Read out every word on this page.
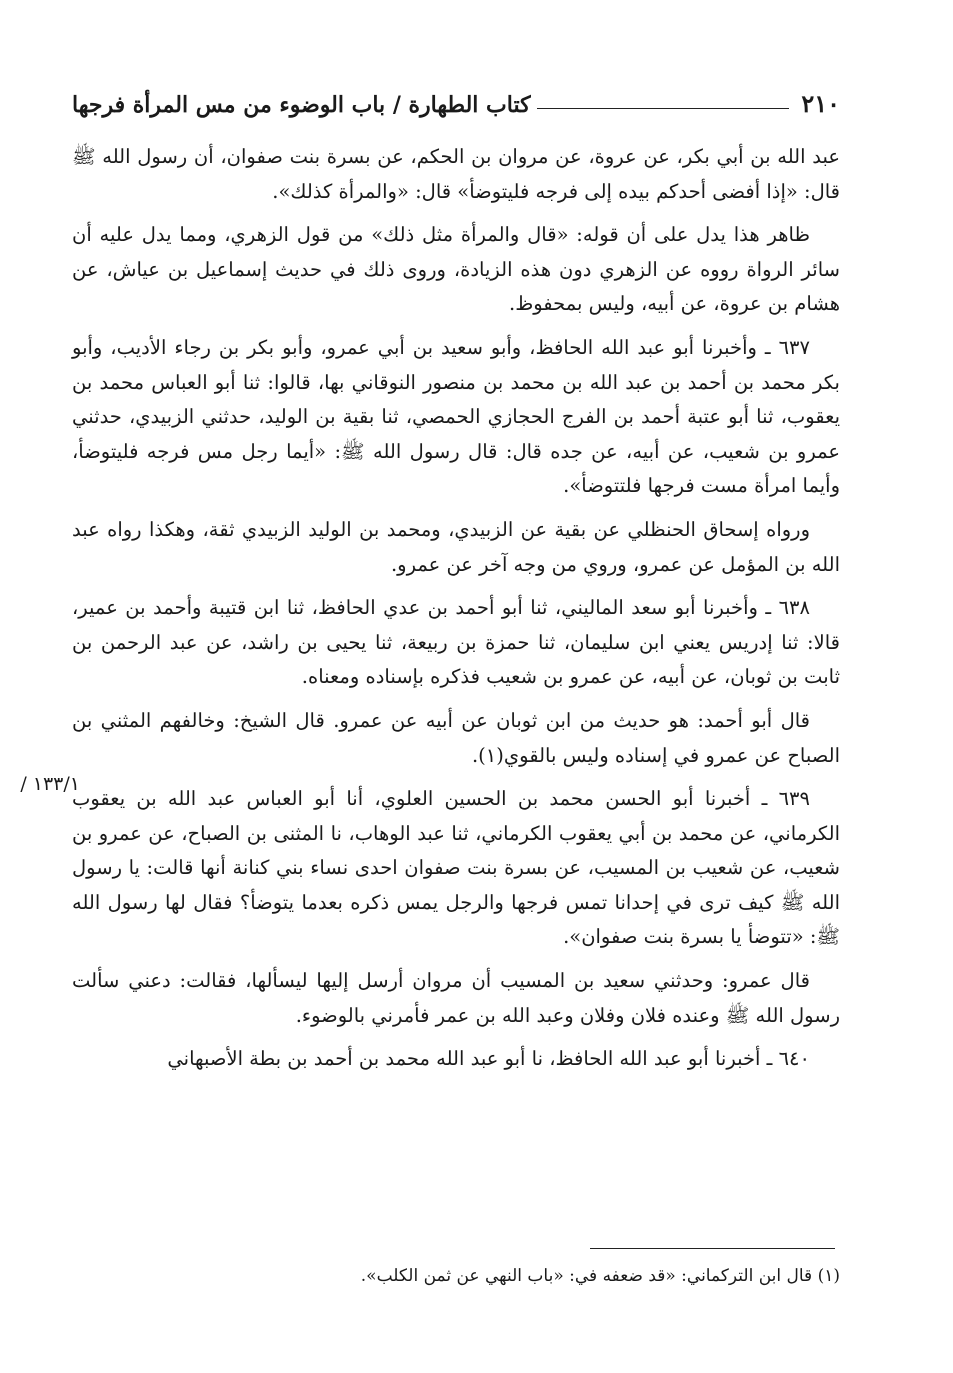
٢١٠
كتاب الطهارة / باب الوضوء من مس المرأة فرجها

عبد الله بن أبي بكر، عن عروة، عن مروان بن الحكم، عن بسرة بنت صفوان، أن رسول الله ﷺ قال: «إذا أفضى أحدكم بيده إلى فرجه فليتوضأ» قال: «والمرأة كذلك».

ظاهر هذا يدل على أن قوله: «قال والمرأة مثل ذلك» من قول الزهري، ومما يدل عليه أن سائر الرواة رووه عن الزهري دون هذه الزيادة، وروى ذلك في حديث إسماعيل بن عياش، عن هشام بن عروة، عن أبيه، وليس بمحفوظ.

٦٣٧ ـ وأخبرنا أبو عبد الله الحافظ، وأبو سعيد بن أبي عمرو، وأبو بكر بن رجاء الأديب، وأبو بكر محمد بن أحمد بن عبد الله بن محمد بن منصور النوقاني بها، قالوا: ثنا أبو العباس محمد بن يعقوب، ثنا أبو عتبة أحمد بن الفرج الحجازي الحمصي، ثنا بقية بن الوليد، حدثني الزبيدي، حدثني عمرو بن شعيب، عن أبيه، عن جده قال: قال رسول الله ﷺ: «أيما رجل مس فرجه فليتوضأ، وأيما امرأة مست فرجها فلتتوضأ».

ورواه إسحاق الحنظلي عن بقية عن الزبيدي، ومحمد بن الوليد الزبيدي ثقة، وهكذا رواه عبد الله بن المؤمل عن عمرو، وروي من وجه آخر عن عمرو.

٦٣٨ ـ وأخبرنا أبو سعد الماليني، ثنا أبو أحمد بن عدي الحافظ، ثنا ابن قتيبة وأحمد بن عمير، قالا: ثنا إدريس يعني ابن سليمان، ثنا حمزة بن ربيعة، ثنا يحيى بن راشد، عن عبد الرحمن بن ثابت بن ثوبان، عن أبيه، عن عمرو بن شعيب فذكره بإسناده ومعناه.

قال أبو أحمد: هو حديث من ابن ثوبان عن أبيه عن عمرو. قال الشيخ: وخالفهم المثني بن الصباح عن عمرو في إسناده وليس بالقوي(١).

٦٣٩ ـ أخبرنا أبو الحسن محمد بن الحسين العلوي، أنا أبو العباس عبد الله بن يعقوب الكرماني، عن محمد بن أبي يعقوب الكرماني، ثنا عبد الوهاب، نا المثنى بن الصباح، عن عمرو بن شعيب، عن شعيب بن المسيب، عن بسرة بنت صفوان احدى نساء بني كنانة أنها قالت: يا رسول الله ﷺ كيف ترى في إحدانا تمس فرجها والرجل يمس ذكره بعدما يتوضأ؟ فقال لها رسول الله ﷺ: «تتوضأ يا بسرة بنت صفوان».

قال عمرو: وحدثني سعيد بن المسيب أن مروان أرسل إليها ليسألها، فقالت: دعني سألت رسول الله ﷺ وعنده فلان وفلان وعبد الله بن عمر فأمرني بالوضوء.

٦٤٠ ـ أخبرنا أبو عبد الله الحافظ، نا أبو عبد الله محمد بن أحمد بن بطة الأصبهاني

١٣٣/١ /
(١) قال ابن التركماني: «قد ضعفه في: «باب النهي عن ثمن الكلب».
